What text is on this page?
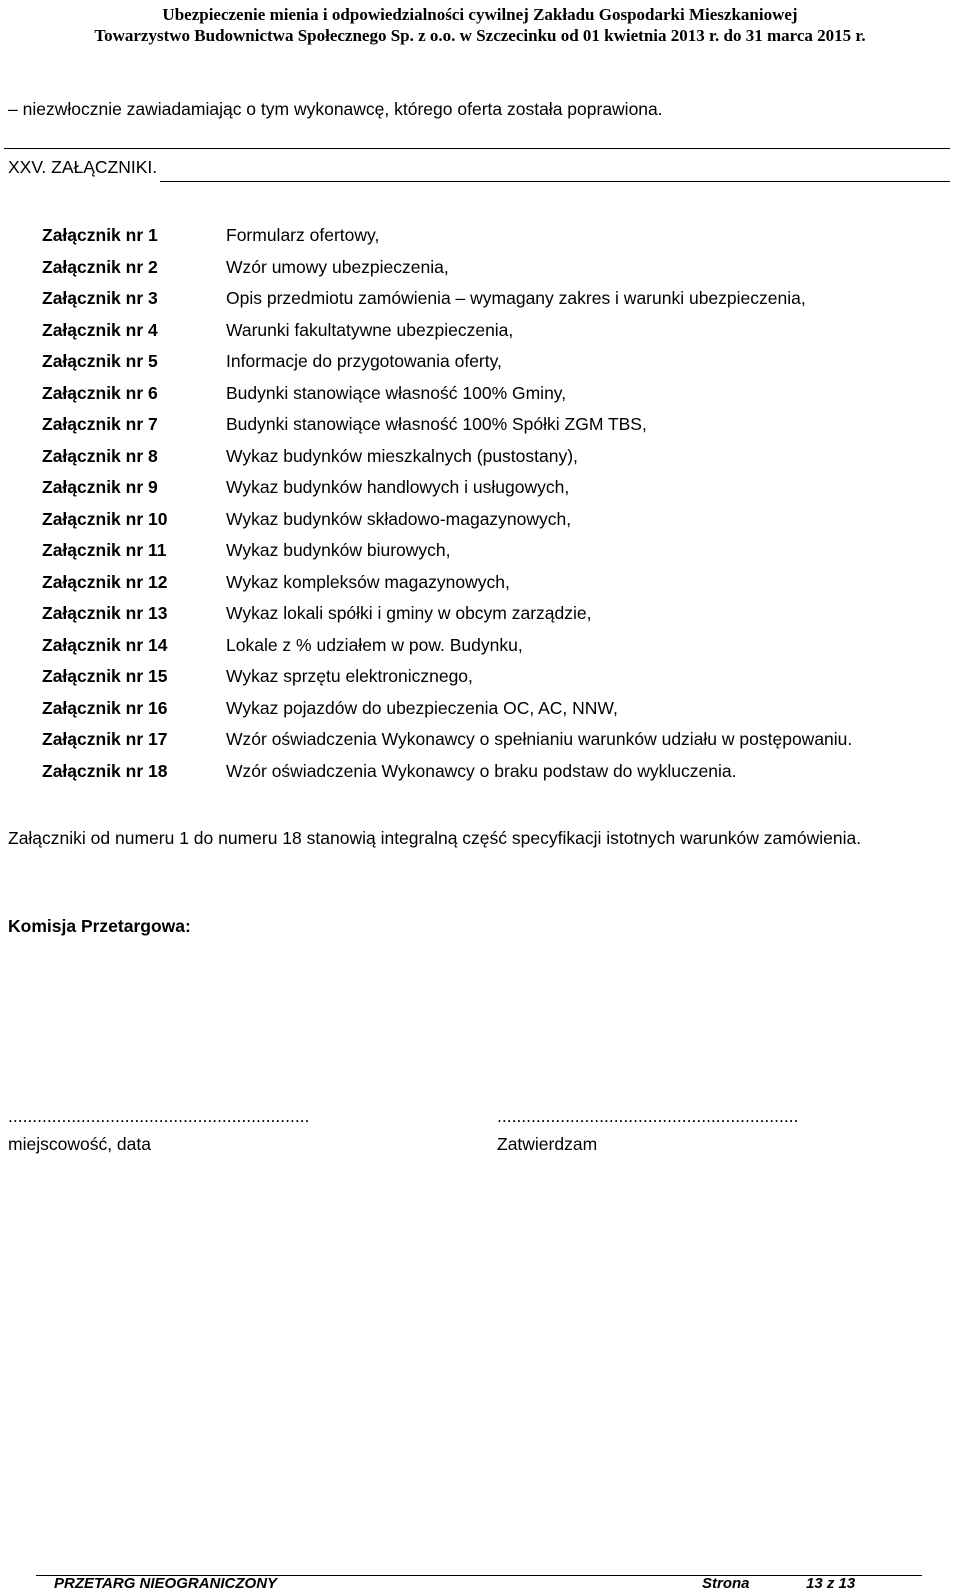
Ubezpieczenie mienia i odpowiedzialności cywilnej Zakładu Gospodarki Mieszkaniowej
Towarzystwo Budownictwa Społecznego Sp. z o.o. w Szczecinku od 01 kwietnia 2013 r. do 31 marca 2015 r.
– niezwłocznie zawiadamiając o tym wykonawcę, którego oferta została poprawiona.
XXV. ZAŁĄCZNIKI.
Załącznik nr 1	Formularz ofertowy,
Załącznik nr 2	Wzór umowy ubezpieczenia,
Załącznik nr 3	Opis przedmiotu zamówienia – wymagany zakres i warunki ubezpieczenia,
Załącznik nr 4	Warunki fakultatywne ubezpieczenia,
Załącznik nr 5	Informacje do przygotowania oferty,
Załącznik nr 6	Budynki stanowiące własność 100% Gminy,
Załącznik nr 7	Budynki stanowiące własność 100% Spółki ZGM TBS,
Załącznik nr 8	Wykaz budynków mieszkalnych (pustostany),
Załącznik nr 9	Wykaz budynków handlowych i usługowych,
Załącznik nr 10	Wykaz budynków składowo-magazynowych,
Załącznik nr 11	Wykaz budynków biurowych,
Załącznik nr 12	Wykaz kompleksów magazynowych,
Załącznik nr 13	Wykaz lokali spółki i gminy w obcym zarządzie,
Załącznik nr 14	Lokale z % udziałem w pow. Budynku,
Załącznik nr 15	Wykaz sprzętu elektronicznego,
Załącznik nr 16	Wykaz pojazdów do ubezpieczenia OC, AC, NNW,
Załącznik nr 17	Wzór oświadczenia Wykonawcy o spełnianiu warunków udziału w postępowaniu.
Załącznik nr 18	Wzór oświadczenia Wykonawcy o braku podstaw do wykluczenia.
Załączniki od numeru 1 do numeru 18 stanowią integralną część specyfikacji istotnych warunków zamówienia.
Komisja Przetargowa:
..............................................................
miejscowość, data
..............................................................
Zatwierdzam
PRZETARG NIEOGRANICZONY	Strona	13 z 13
